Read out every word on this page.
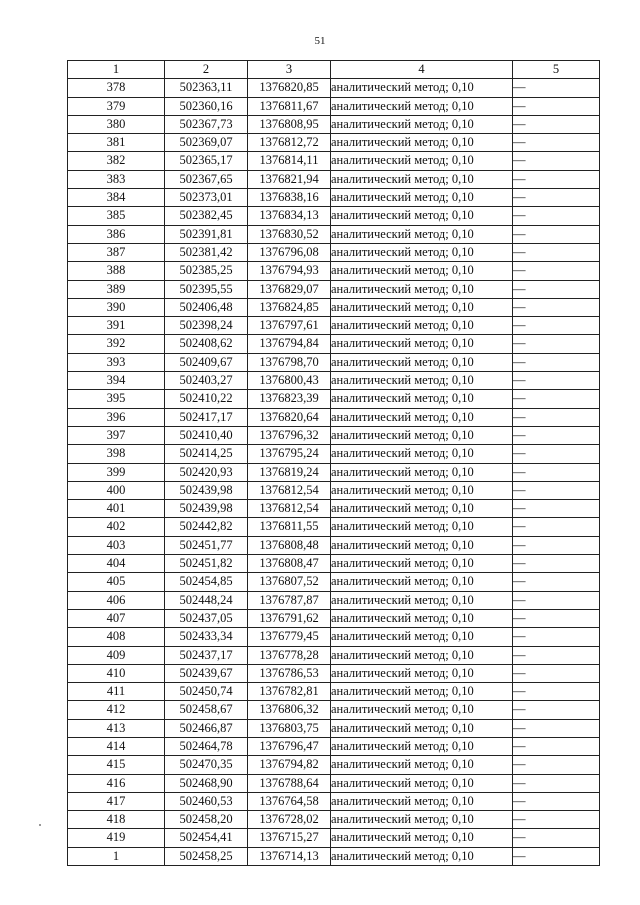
51
1	2	3	4	5
378	502363,11	1376820,85	аналитический метод; 0,10	—
379	502360,16	1376811,67	аналитический метод; 0,10	—
380	502367,73	1376808,95	аналитический метод; 0,10	—
381	502369,07	1376812,72	аналитический метод; 0,10	—
382	502365,17	1376814,11	аналитический метод; 0,10	—
383	502367,65	1376821,94	аналитический метод; 0,10	—
384	502373,01	1376838,16	аналитический метод; 0,10	—
385	502382,45	1376834,13	аналитический метод; 0,10	—
386	502391,81	1376830,52	аналитический метод; 0,10	—
387	502381,42	1376796,08	аналитический метод; 0,10	—
388	502385,25	1376794,93	аналитический метод; 0,10	—
389	502395,55	1376829,07	аналитический метод; 0,10	—
390	502406,48	1376824,85	аналитический метод; 0,10	—
391	502398,24	1376797,61	аналитический метод; 0,10	—
392	502408,62	1376794,84	аналитический метод; 0,10	—
393	502409,67	1376798,70	аналитический метод; 0,10	—
394	502403,27	1376800,43	аналитический метод; 0,10	—
395	502410,22	1376823,39	аналитический метод; 0,10	—
396	502417,17	1376820,64	аналитический метод; 0,10	—
397	502410,40	1376796,32	аналитический метод; 0,10	—
398	502414,25	1376795,24	аналитический метод; 0,10	—
399	502420,93	1376819,24	аналитический метод; 0,10	—
400	502439,98	1376812,54	аналитический метод; 0,10	—
401	502439,98	1376812,54	аналитический метод; 0,10	—
402	502442,82	1376811,55	аналитический метод; 0,10	—
403	502451,77	1376808,48	аналитический метод; 0,10	—
404	502451,82	1376808,47	аналитический метод; 0,10	—
405	502454,85	1376807,52	аналитический метод; 0,10	—
406	502448,24	1376787,87	аналитический метод; 0,10	—
407	502437,05	1376791,62	аналитический метод; 0,10	—
408	502433,34	1376779,45	аналитический метод; 0,10	—
409	502437,17	1376778,28	аналитический метод; 0,10	—
410	502439,67	1376786,53	аналитический метод; 0,10	—
411	502450,74	1376782,81	аналитический метод; 0,10	—
412	502458,67	1376806,32	аналитический метод; 0,10	—
413	502466,87	1376803,75	аналитический метод; 0,10	—
414	502464,78	1376796,47	аналитический метод; 0,10	—
415	502470,35	1376794,82	аналитический метод; 0,10	—
416	502468,90	1376788,64	аналитический метод; 0,10	—
417	502460,53	1376764,58	аналитический метод; 0,10	—
418	502458,20	1376728,02	аналитический метод; 0,10	—
419	502454,41	1376715,27	аналитический метод; 0,10	—
1	502458,25	1376714,13	аналитический метод; 0,10	—
